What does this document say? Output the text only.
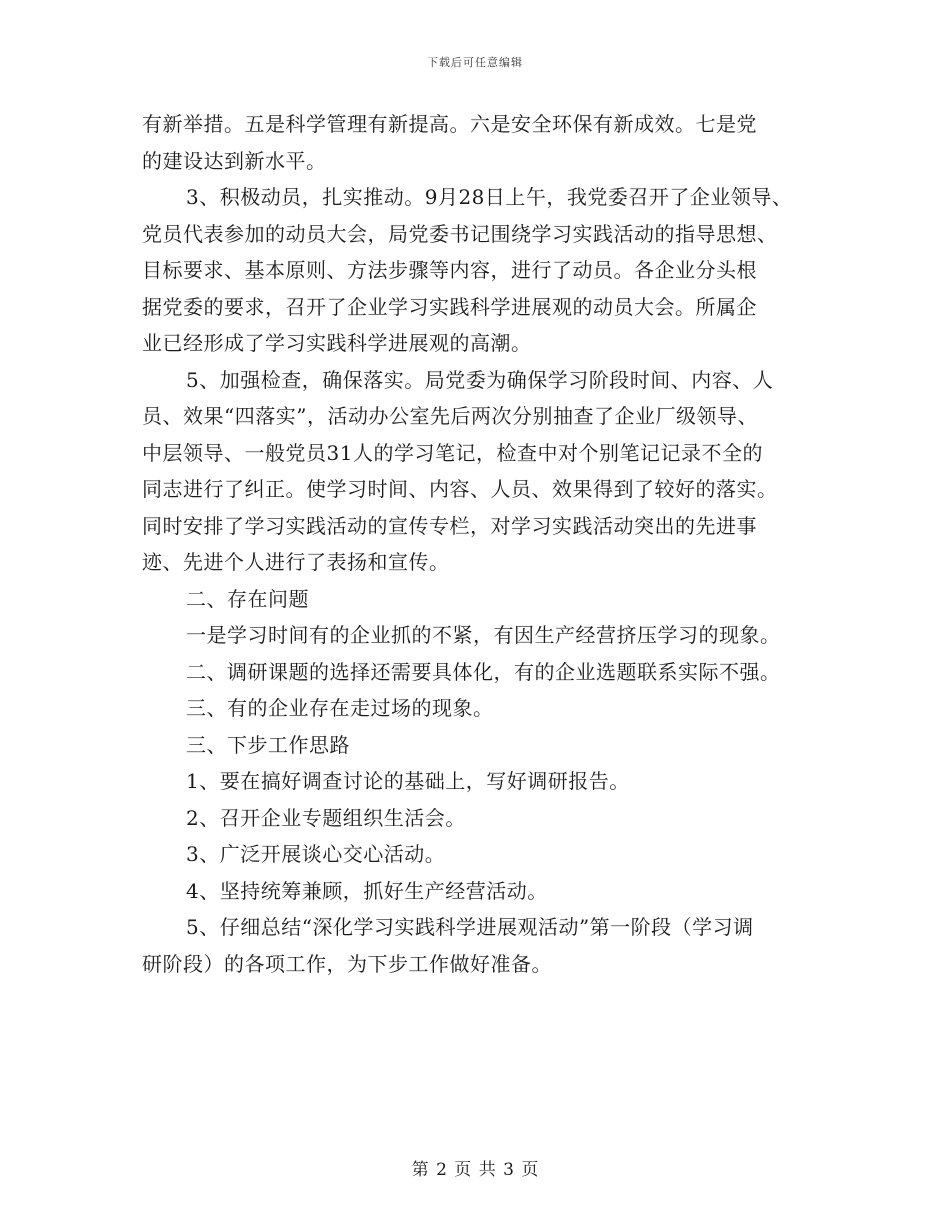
下载后可任意编辑
有新举措。五是科学管理有新提高。六是安全环保有新成效。七是党
的建设达到新水平。
3、积极动员，扎实推动。9月28日上午，我党委召开了企业领导、
党员代表参加的动员大会，局党委书记围绕学习实践活动的指导思想、
目标要求、基本原则、方法步骤等内容，进行了动员。各企业分头根
据党委的要求，召开了企业学习实践科学进展观的动员大会。所属企
业已经形成了学习实践科学进展观的高潮。
5、加强检查，确保落实。局党委为确保学习阶段时间、内容、人
员、效果“四落实”，活动办公室先后两次分别抽查了企业厂级领导、
中层领导、一般党员31人的学习笔记，检查中对个别笔记记录不全的
同志进行了纠正。使学习时间、内容、人员、效果得到了较好的落实。
同时安排了学习实践活动的宣传专栏，对学习实践活动突出的先进事
迹、先进个人进行了表扬和宣传。
二、存在问题
一是学习时间有的企业抓的不紧，有因生产经营挤压学习的现象。
二、调研课题的选择还需要具体化，有的企业选题联系实际不强。
三、有的企业存在走过场的现象。
三、下步工作思路
1、要在搞好调查讨论的基础上，写好调研报告。
2、召开企业专题组织生活会。
3、广泛开展谈心交心活动。
4、坚持统筹兼顾，抓好生产经营活动。
5、仔细总结“深化学习实践科学进展观活动”第一阶段（学习调
研阶段）的各项工作，为下步工作做好准备。
第 2 页 共 3 页
